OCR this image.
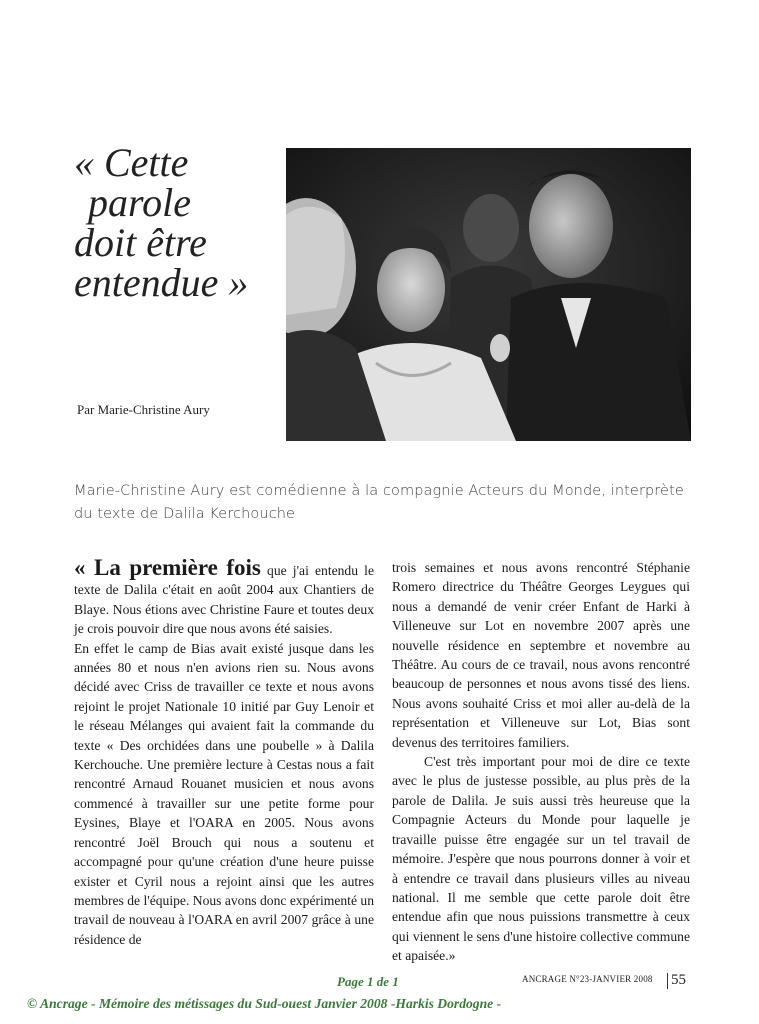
« Cette
parole
doit être
entendue »
Par Marie-Christine Aury
Marie-Christine Aury est comédienne à la compagnie Acteurs du Monde, interprète du texte de Dalila Kerchouche

« La première fois que j'ai entendu le texte de Dalila c'était en août 2004 aux Chantiers de Blaye. Nous étions avec Christine Faure et toutes deux je crois pouvoir dire que nous avons été saisies.

En effet le camp de Bias avait existé jusque dans les années 80 et nous n'en avions rien su. Nous avons décidé avec Criss de travailler ce texte et nous avons rejoint le projet Nationale 10 initié par Guy Lenoir et le réseau Mélanges qui avaient fait la commande du texte « Des orchidées dans une poubelle » à Dalila Kerchouche. Une première lecture à Cestas nous a fait rencontré Arnaud Rouanet musicien et nous avons commencé à travailler sur une petite forme pour Eysines, Blaye et l'OARA en 2005. Nous avons rencontré Joël Brouch qui nous a soutenu et accompagné pour qu'une création d'une heure puisse exister et Cyril nous a rejoint ainsi que les autres membres de l'équipe. Nous avons donc expérimenté un travail de nouveau à l'OARA en avril 2007 grâce à une résidence de

trois semaines et nous avons rencontré Stéphanie Romero directrice du Théâtre Georges Leygues qui nous a demandé de venir créer Enfant de Harki à Villeneuve sur Lot en novembre 2007 après une nouvelle résidence en septembre et novembre au Théâtre. Au cours de ce travail, nous avons rencontré beaucoup de personnes et nous avons tissé des liens. Nous avons souhaité Criss et moi aller au-delà de la représentation et Villeneuve sur Lot, Bias sont devenus des territoires familiers.

C'est très important pour moi de dire ce texte avec le plus de justesse possible, au plus près de la parole de Dalila. Je suis aussi très heureuse que la Compagnie Acteurs du Monde pour laquelle je travaille puisse être engagée sur un tel travail de mémoire. J'espère que nous pourrons donner à voir et à entendre ce travail dans plusieurs villes au niveau national. Il me semble que cette parole doit être entendue afin que nous puissions transmettre à ceux qui viennent le sens d'une histoire collective commune et apaisée.»

Page 1 de 1	ANCRAGE N°23-JANVIER 2008 55
© Ancrage - Mémoire des métissages du Sud-ouest Janvier 2008 -Harkis Dordogne -
